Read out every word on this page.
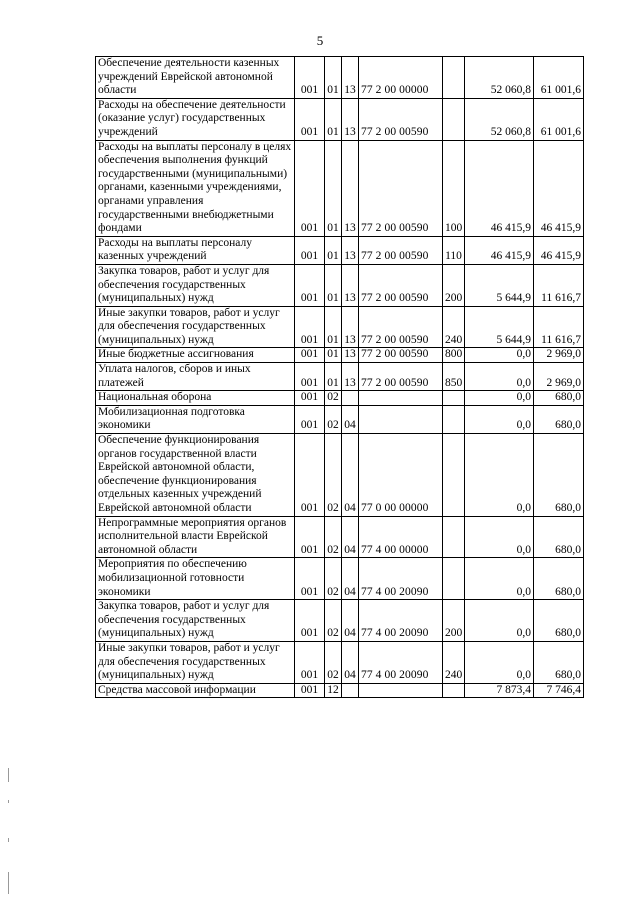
5
Обеспечение деятельности казенных учреждений Еврейской автономной области	001	01	13	77 2 00 00000		52 060,8	61 001,6
Расходы на обеспечение деятельности (оказание услуг) государственных учреждений	001	01	13	77 2 00 00590		52 060,8	61 001,6
Расходы на выплаты персоналу в целях обеспечения выполнения функций государственными (муниципальными) органами, казенными учреждениями, органами управления государственными внебюджетными фондами	001	01	13	77 2 00 00590	100	46 415,9	46 415,9
Расходы на выплаты персоналу казенных учреждений	001	01	13	77 2 00 00590	110	46 415,9	46 415,9
Закупка товаров, работ и услуг для обеспечения государственных (муниципальных) нужд	001	01	13	77 2 00 00590	200	5 644,9	11 616,7
Иные закупки товаров, работ и услуг для обеспечения государственных (муниципальных) нужд	001	01	13	77 2 00 00590	240	5 644,9	11 616,7
Иные бюджетные ассигнования	001	01	13	77 2 00 00590	800	0,0	2 969,0
Уплата налогов, сборов и иных платежей	001	01	13	77 2 00 00590	850	0,0	2 969,0
Национальная оборона	001	02				0,0	680,0
Мобилизационная подготовка экономики	001	02	04			0,0	680,0
Обеспечение функционирования органов государственной власти Еврейской автономной области, обеспечение функционирования отдельных казенных учреждений Еврейской автономной области	001	02	04	77 0 00 00000		0,0	680,0
Непрограммные мероприятия органов исполнительной власти Еврейской автономной области	001	02	04	77 4 00 00000		0,0	680,0
Мероприятия по обеспечению мобилизационной готовности экономики	001	02	04	77 4 00 20090		0,0	680,0
Закупка товаров, работ и услуг для обеспечения государственных (муниципальных) нужд	001	02	04	77 4 00 20090	200	0,0	680,0
Иные закупки товаров, работ и услуг для обеспечения государственных (муниципальных) нужд	001	02	04	77 4 00 20090	240	0,0	680,0
Средства массовой информации	001	12				7 873,4	7 746,4
